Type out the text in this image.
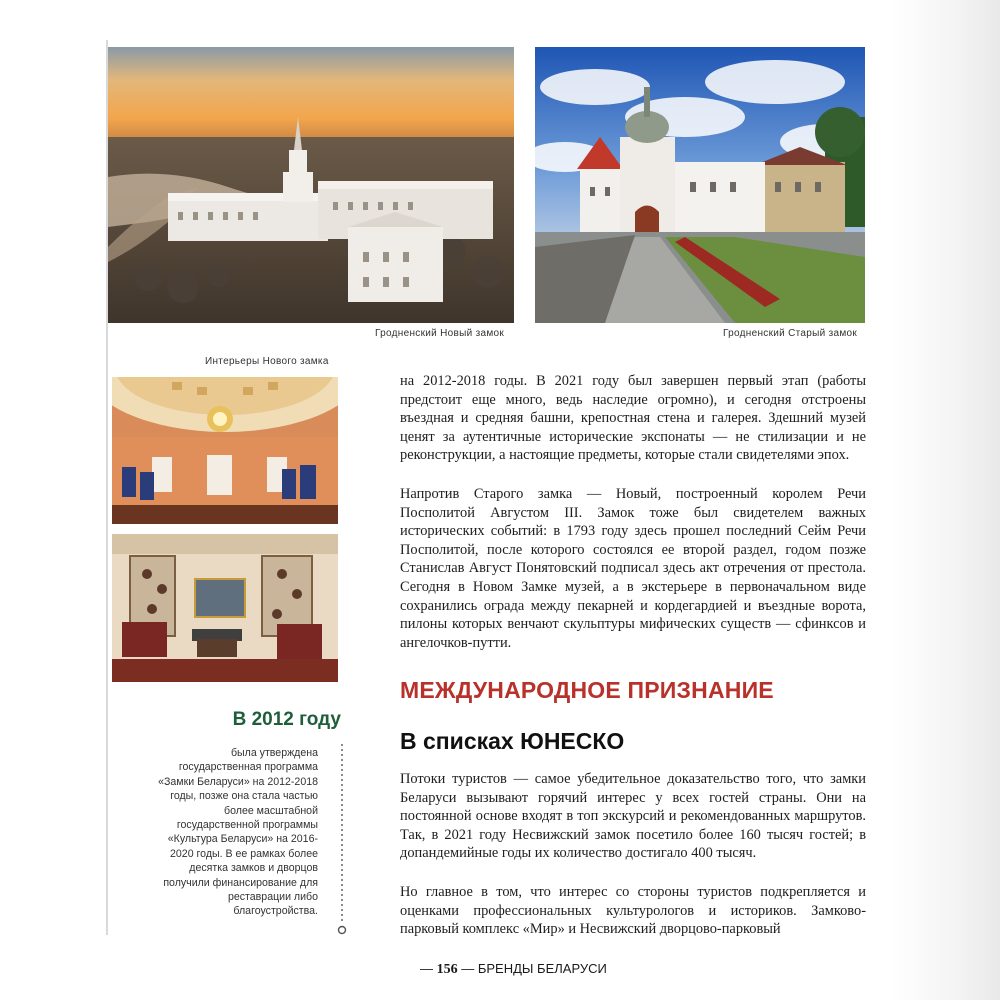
Гродненский Новый замок	Гродненский Старый замок
Интерьеры Нового замка

на 2012-2018 годы. В 2021 году был завершен первый этап (работы предстоит еще много, ведь наследие огромно), и сегодня отстроены въездная и средняя башни, крепостная стена и галерея. Здешний музей ценят за аутентичные исторические экспонаты — не стилизации и не реконструкции, а настоящие предметы, которые стали свидетелями эпох.

Напротив Старого замка — Новый, построенный королем Речи Посполитой Августом III. Замок тоже был свидетелем важных исторических событий: в 1793 году здесь прошел последний Сейм Речи Посполитой, после которого состоялся ее второй раздел, годом позже Станислав Август Понятовский подписал здесь акт отречения от престола. Сегодня в Новом Замке музей, а в экстерьере в первоначальном виде сохранились ограда между пекарней и кордегардией и въездные ворота, пилоны которых венчают скульптуры мифических существ — сфинксов и ангелочков-путти.

МЕЖДУНАРОДНОЕ ПРИЗНАНИЕ
В списках ЮНЕСКО

Потоки туристов — самое убедительное доказательство того, что замки Беларуси вызывают горячий интерес у всех гостей страны. Они на постоянной основе входят в топ экскурсий и рекомендованных маршрутов. Так, в 2021 году Несвижский замок посетило более 160 тысяч гостей; в допандемийные годы их количество достигало 400 тысяч.

Но главное в том, что интерес со стороны туристов подкрепляется и оценками профессиональных культурологов и историков. Замково-парковый комплекс «Мир» и Несвижский дворцово-парковый

В 2012 году

была утверждена государственная программа «Замки Беларуси» на 2012-2018 годы, позже она стала частью более масштабной государственной программы «Культура Беларуси» на 2016-2020 годы. В ее рамках более десятка замков и дворцов получили финансирование для реставрации либо благоустройства.

— 156 — БРЕНДЫ БЕЛАРУСИ
